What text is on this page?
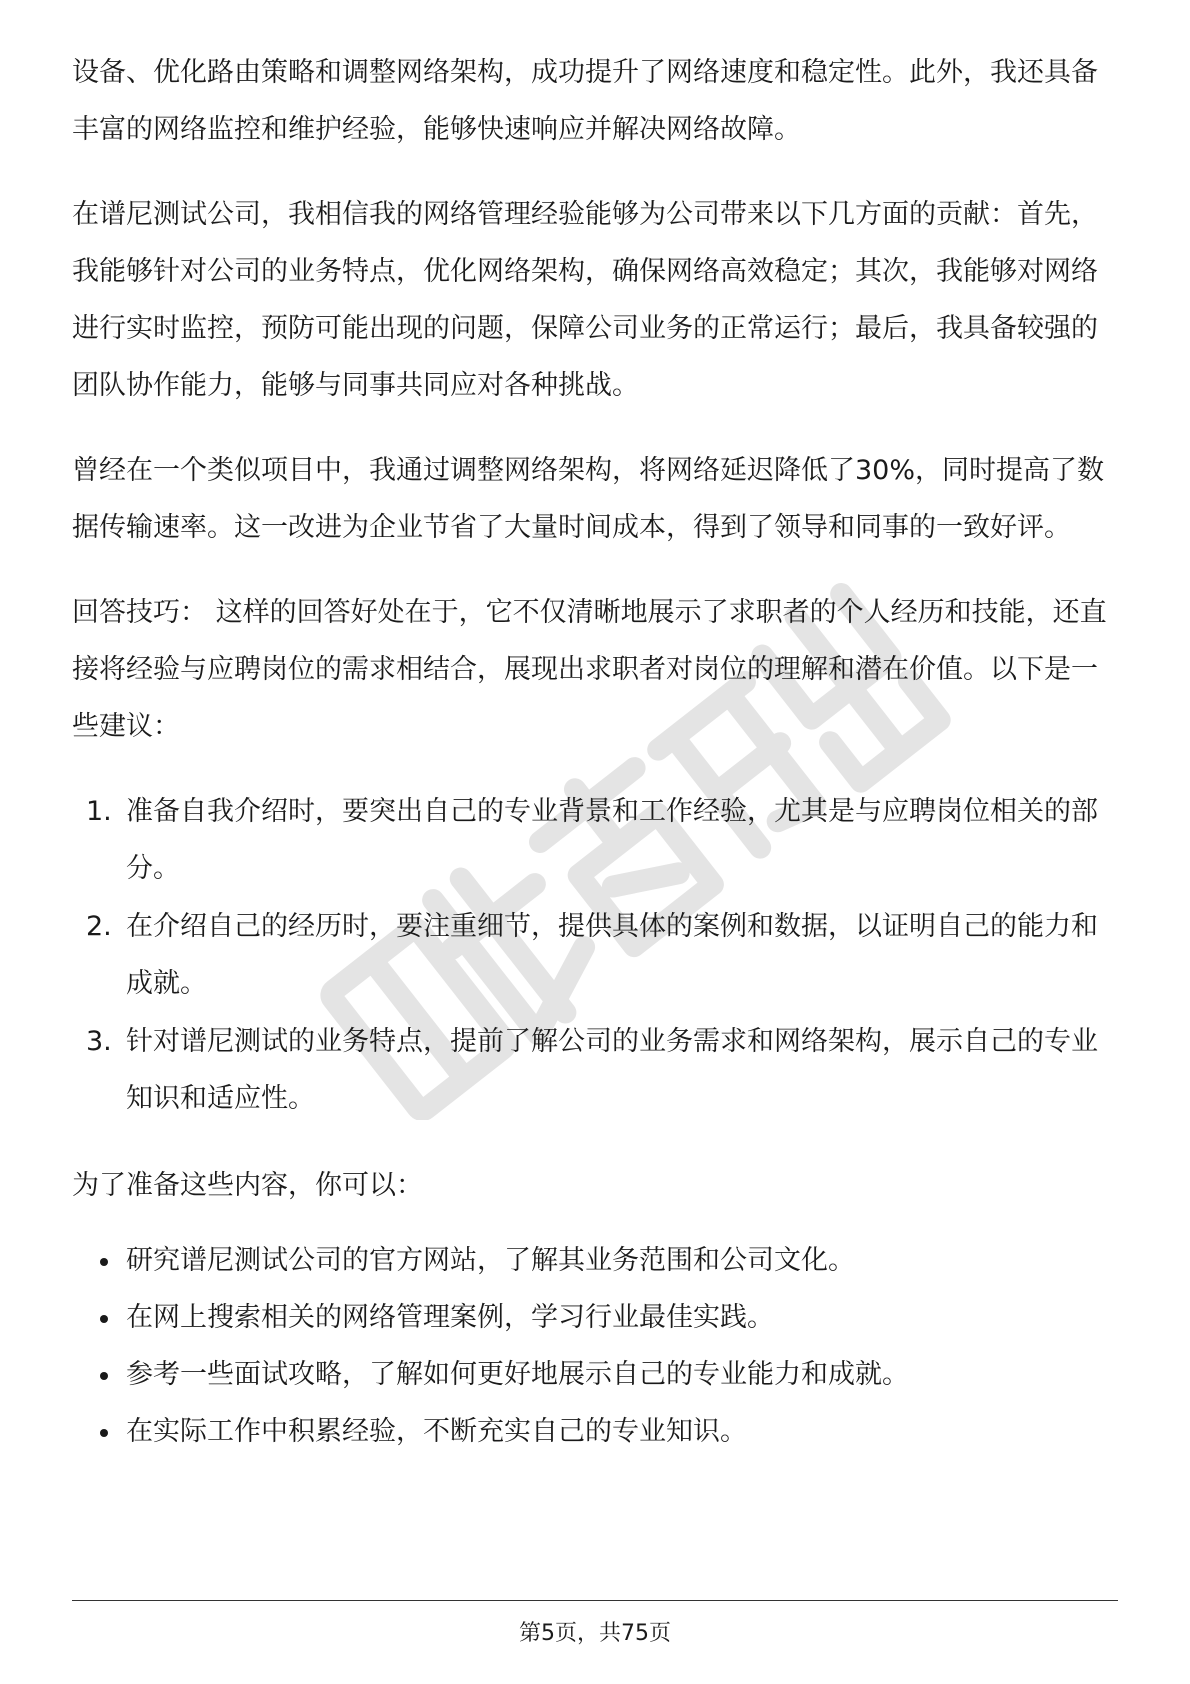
设备、优化路由策略和调整网络架构，成功提升了网络速度和稳定性。此外，我还具备丰富的网络监控和维护经验，能够快速响应并解决网络故障。

在谱尼测试公司，我相信我的网络管理经验能够为公司带来以下几方面的贡献：首先，我能够针对公司的业务特点，优化网络架构，确保网络高效稳定；其次，我能够对网络进行实时监控，预防可能出现的问题，保障公司业务的正常运行；最后，我具备较强的团队协作能力，能够与同事共同应对各种挑战。

曾经在一个类似项目中，我通过调整网络架构，将网络延迟降低了30%，同时提高了数据传输速率。这一改进为企业节省了大量时间成本，得到了领导和同事的一致好评。

回答技巧： 这样的回答好处在于，它不仅清晰地展示了求职者的个人经历和技能，还直接将经验与应聘岗位的需求相结合，展现出求职者对岗位的理解和潜在价值。以下是一些建议：

1. 准备自我介绍时，要突出自己的专业背景和工作经验，尤其是与应聘岗位相关的部分。
2. 在介绍自己的经历时，要注重细节，提供具体的案例和数据，以证明自己的能力和成就。
3. 针对谱尼测试的业务特点，提前了解公司的业务需求和网络架构，展示自己的专业知识和适应性。

为了准备这些内容，你可以：

研究谱尼测试公司的官方网站，了解其业务范围和公司文化。
在网上搜索相关的网络管理案例，学习行业最佳实践。
参考一些面试攻略，了解如何更好地展示自己的专业能力和成就。
在实际工作中积累经验，不断充实自己的专业知识。
第5页，共75页
